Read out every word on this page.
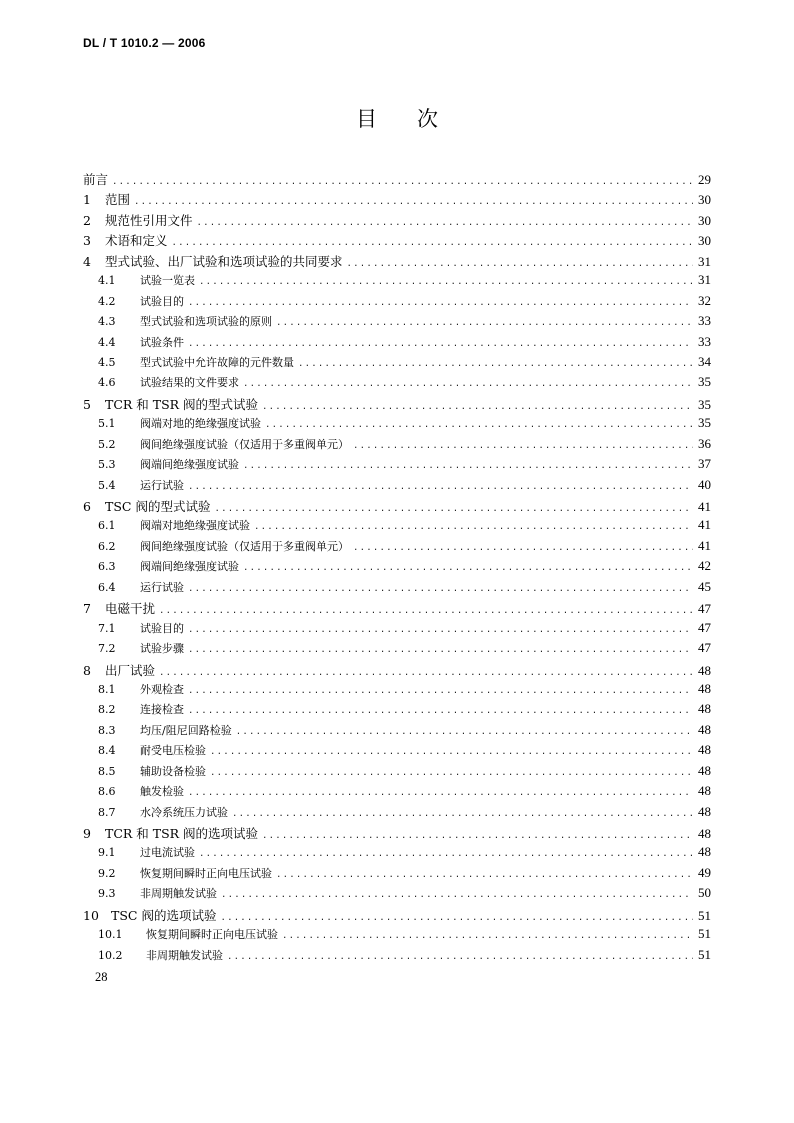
DL / T 1010.2 — 2006
目次
前言 .....	29
1	范围 .....	30
2	规范性引用文件 .....	30
3	术语和定义 .....	30
4	型式试验、出厂试验和选项试验的共同要求 .....	31
4.1	试验一览表 .....	31
4.2	试验目的 .....	32
4.3	型式试验和选项试验的原则 .....	33
4.4	试验条件 .....	33
4.5	型式试验中允许故障的元件数量 .....	34
4.6	试验结果的文件要求 .....	35
5	TCR 和 TSR 阀的型式试验 .....	35
5.1	阀端对地的绝缘强度试验 .....	35
5.2	阀间绝缘强度试验（仅适用于多重阀单元） .....	36
5.3	阀端间绝缘强度试验 .....	37
5.4	运行试验 .....	40
6	TSC 阀的型式试验 .....	41
6.1	阀端对地绝缘强度试验 .....	41
6.2	阀间绝缘强度试验（仅适用于多重阀单元） .....	41
6.3	阀端间绝缘强度试验 .....	42
6.4	运行试验 .....	45
7	电磁干扰 .....	47
7.1	试验目的 .....	47
7.2	试验步骤 .....	47
8	出厂试验 .....	48
8.1	外观检查 .....	48
8.2	连接检查 .....	48
8.3	均压/阻尼回路检验 .....	48
8.4	耐受电压检验 .....	48
8.5	辅助设备检验 .....	48
8.6	触发检验 .....	48
8.7	水冷系统压力试验 .....	48
9	TCR 和 TSR 阀的选项试验 .....	48
9.1	过电流试验 .....	48
9.2	恢复期间瞬时正向电压试验 .....	49
9.3	非周期触发试验 .....	50
10 TSC 阀的选项试验 .....	51
10.1	恢复期间瞬时正向电压试验 .....	51
10.2	非周期触发试验 .....	51
28
